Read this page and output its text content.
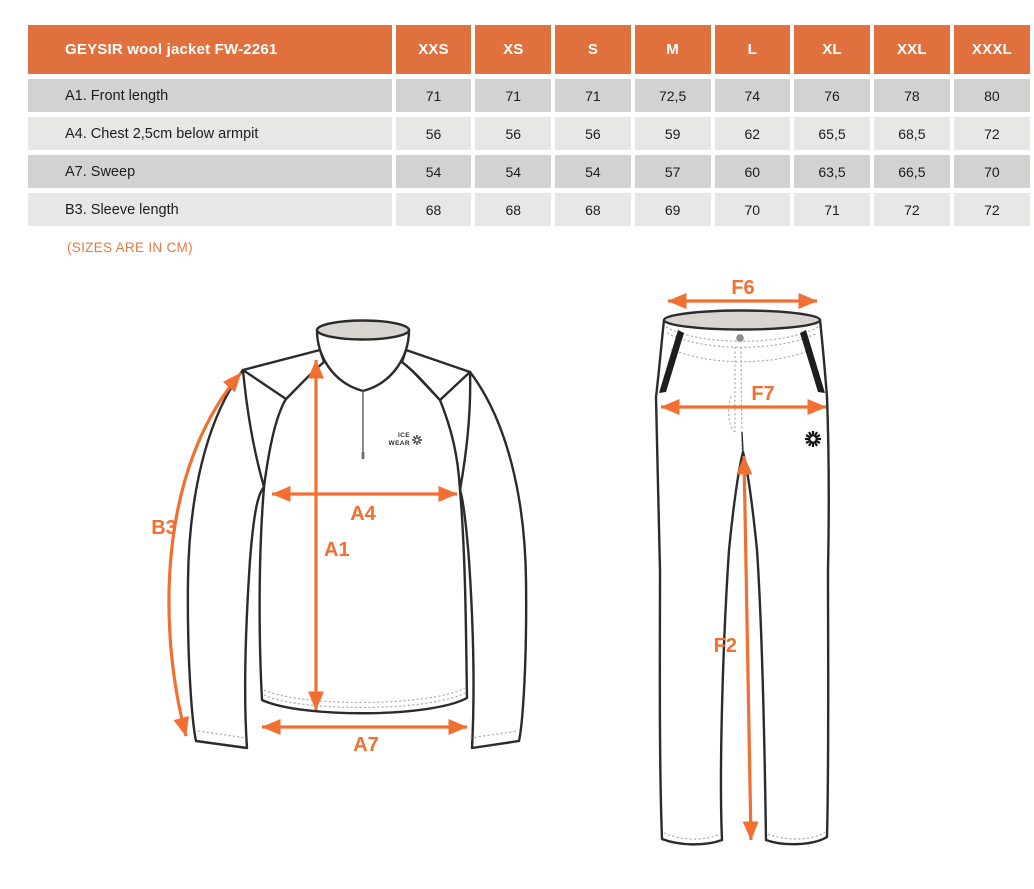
GEYSIR wool jacket FW-2261	XXS	XS	S	M	L	XL	XXL	XXXL
A1. Front length	71	71	71	72,5	74	76	78	80
A4. Chest 2,5cm below armpit	56	56	56	59	62	65,5	68,5	72
A7. Sweep	54	54	54	57	60	63,5	66,5	70
B3. Sleeve length	68	68	68	69	70	71	72	72
(SIZES ARE IN CM)
ICE
WEAR
B3
A4
A1
A7
F6
F7
F2
